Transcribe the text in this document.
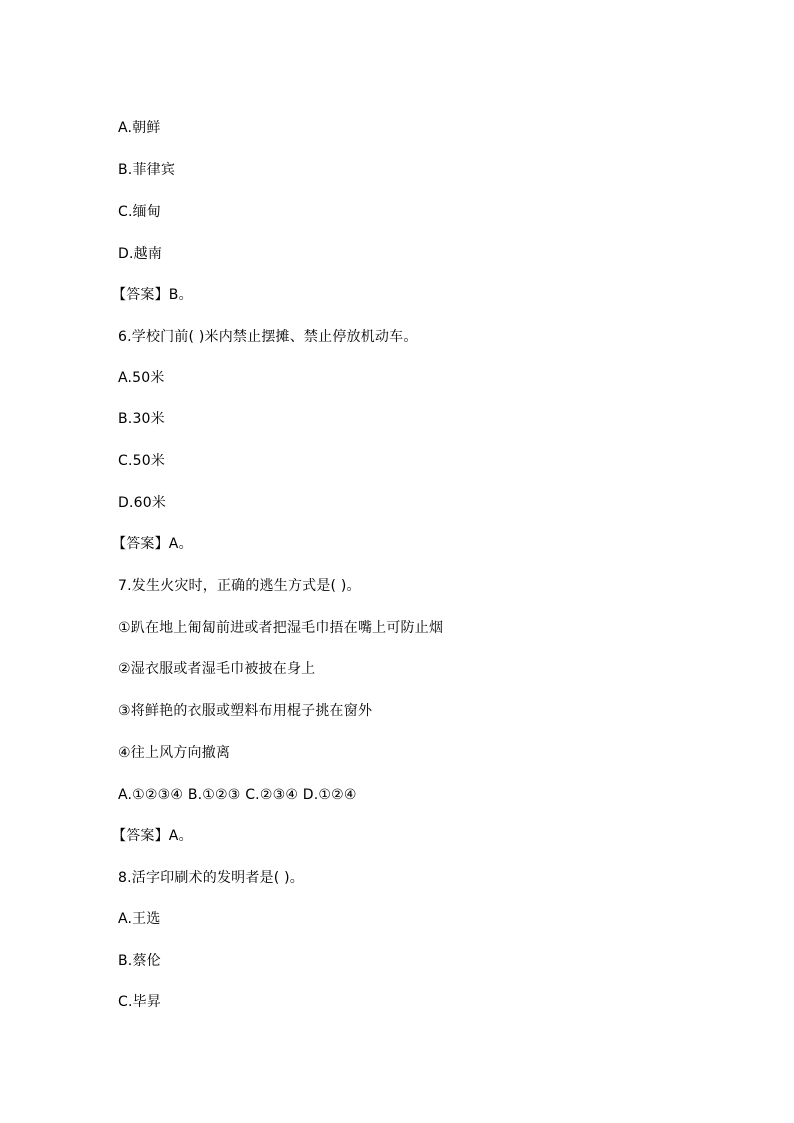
A.朝鲜
B.菲律宾
C.缅甸
D.越南
【答案】B。
6.学校门前( )米内禁止摆摊、禁止停放机动车。
A.50米
B.30米
C.50米
D.60米
【答案】A。
7.发生火灾时，正确的逃生方式是( )。
①趴在地上匍匐前进或者把湿毛巾捂在嘴上可防止烟
②湿衣服或者湿毛巾被披在身上
③将鲜艳的衣服或塑料布用棍子挑在窗外
④往上风方向撤离
A.①②③④ B.①②③ C.②③④ D.①②④
【答案】A。
8.活字印刷术的发明者是( )。
A.王选
B.蔡伦
C.毕昇
